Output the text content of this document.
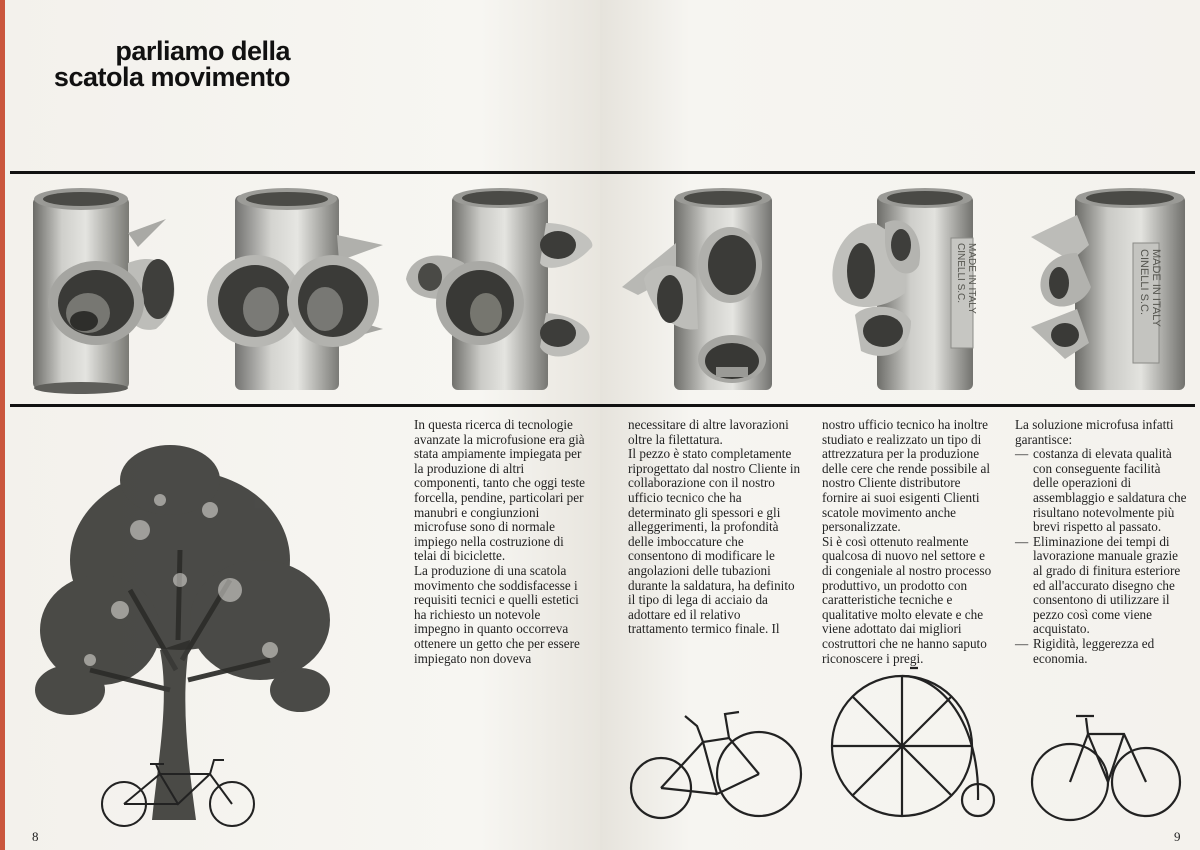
parliamo della
scatola movimento
CINELLI S.C. MADE IN ITALY	CINELLI S.C. MADE IN ITALY

In questa ricerca di tecnologie avanzate la microfusione era già stata ampiamente impiegata per la produzione di altri componenti, tanto che oggi teste forcella, pendine, particolari per manubri e congiunzioni microfuse sono di normale impiego nella costruzione di telai di biciclette.

La produzione di una scatola movimento che soddisfacesse i requisiti tecnici e quelli estetici ha richiesto un notevole impegno in quanto occorreva ottenere un getto che per essere impiegato non doveva

necessitare di altre lavorazioni oltre la filettatura.

Il pezzo è stato completamente riprogettato dal nostro Cliente in collaborazione con il nostro ufficio tecnico che ha determinato gli spessori e gli alleggerimenti, la profondità delle imboccature che consentono di modificare le angolazioni delle tubazioni durante la saldatura, ha definito il tipo di lega di acciaio da adottare ed il relativo trattamento termico finale. Il

nostro ufficio tecnico ha inoltre studiato e realizzato un tipo di attrezzatura per la produzione delle cere che rende possibile al nostro Cliente distributore fornire ai suoi esigenti Clienti scatole movimento anche personalizzate.

Si è così ottenuto realmente qualcosa di nuovo nel settore e di congeniale al nostro processo produttivo, un prodotto con caratteristiche tecniche e qualitative molto elevate e che viene adottato dai migliori costruttori che ne hanno saputo riconoscere i pregi.

La soluzione microfusa infatti garantisce:

— costanza di elevata qualità con conseguente facilità delle operazioni di assemblaggio e saldatura che risultano notevolmente più brevi rispetto al passato.
— Eliminazione dei tempi di lavorazione manuale grazie al grado di finitura esteriore ed all'accurato disegno che consentono di utilizzare il pezzo così come viene acquistato.
— Rigidità, leggerezza ed economia.
8	9
